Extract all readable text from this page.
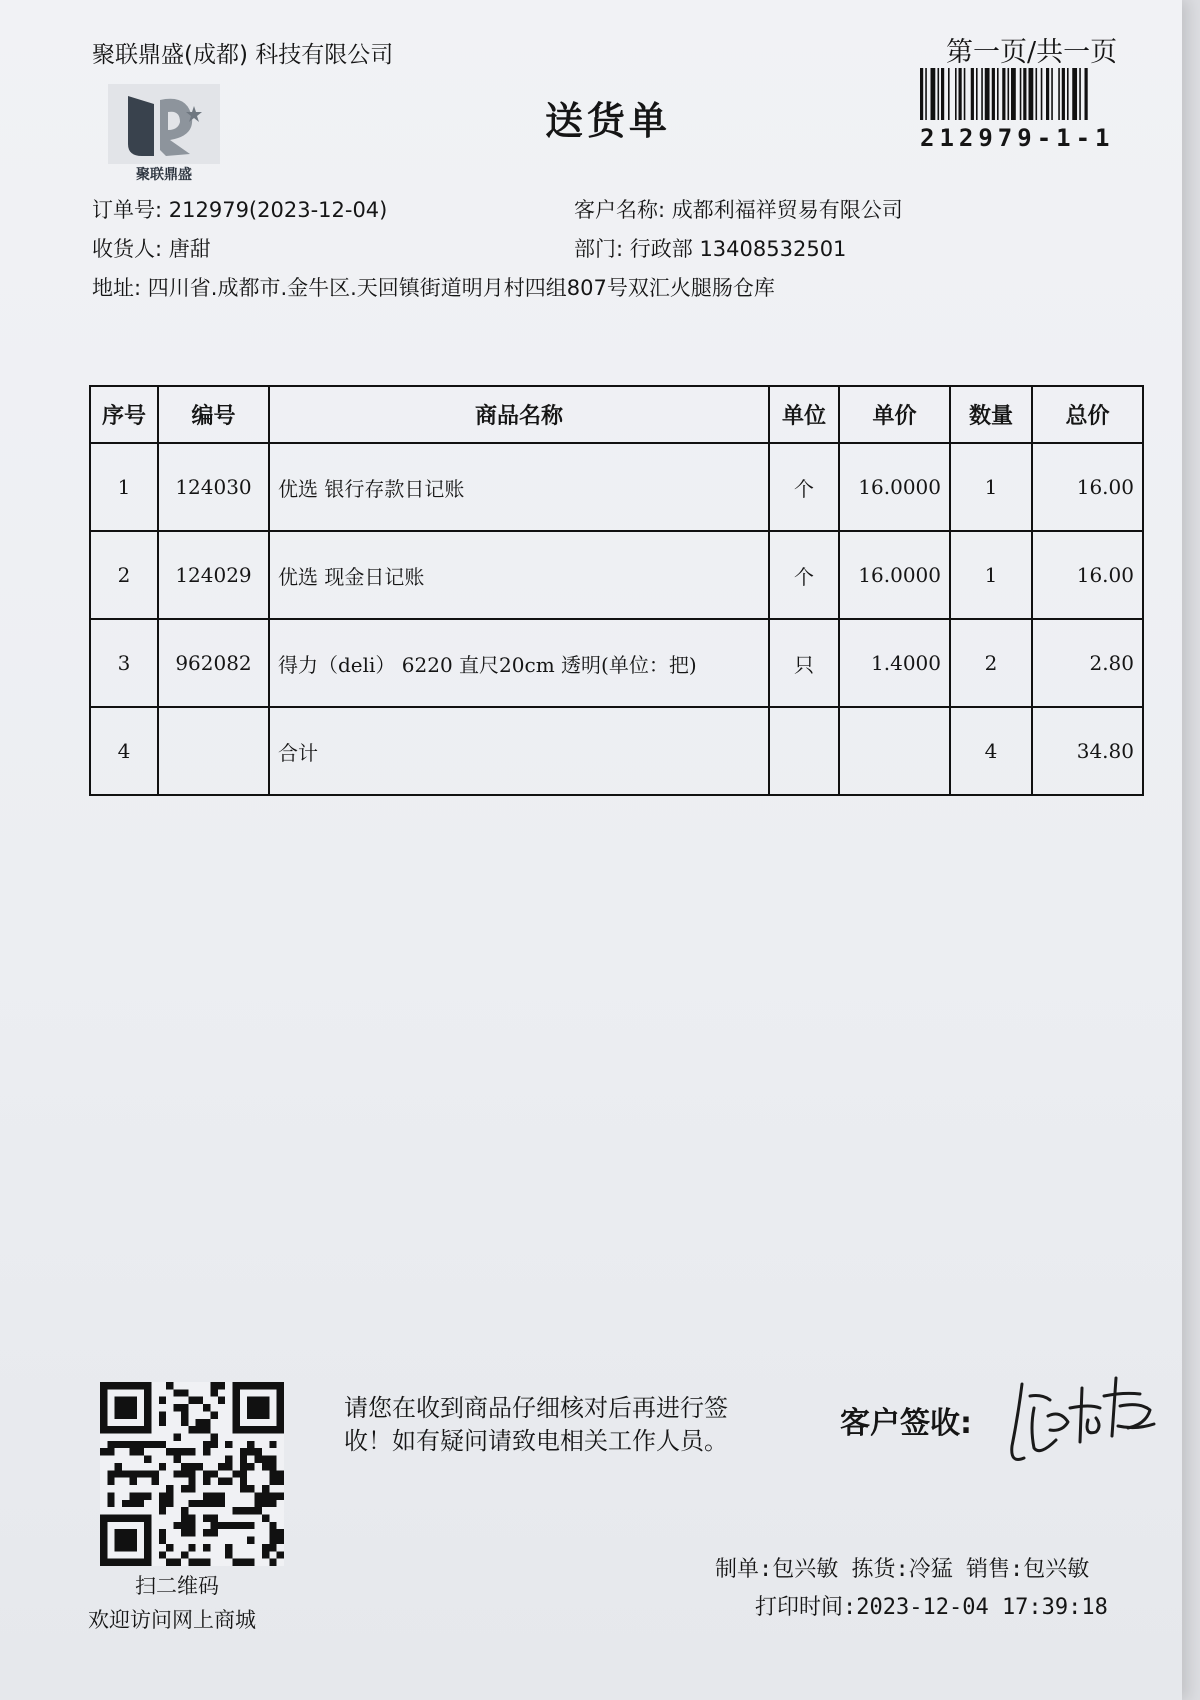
聚联鼎盛(成都) 科技有限公司	第一页/共一页
送货单
聚联鼎盛
212979-1-1
订单号: 212979(2023-12-04)
收货人: 唐甜
地址: 四川省.成都市.金牛区.天回镇街道明月村四组807号双汇火腿肠仓库
客户名称: 成都利福祥贸易有限公司
部门: 行政部 13408532501
序号	编号	商品名称	单位	单价	数量	总价
1	124030	优选 银行存款日记账	个	16.0000	1	16.00
2	124029	优选 现金日记账	个	16.0000	1	16.00
3	962082	得力（deli） 6220 直尺20cm 透明(单位：把)	只	1.4000	2	2.80
4		合计			4	34.80
扫二维码
欢迎访问网上商城
请您在收到商品仔细核对后再进行签收！如有疑问请致电相关工作人员。	客户签收:
制单:包兴敏 拣货:冷猛 销售:包兴敏
打印时间:2023-12-04 17:39:18
